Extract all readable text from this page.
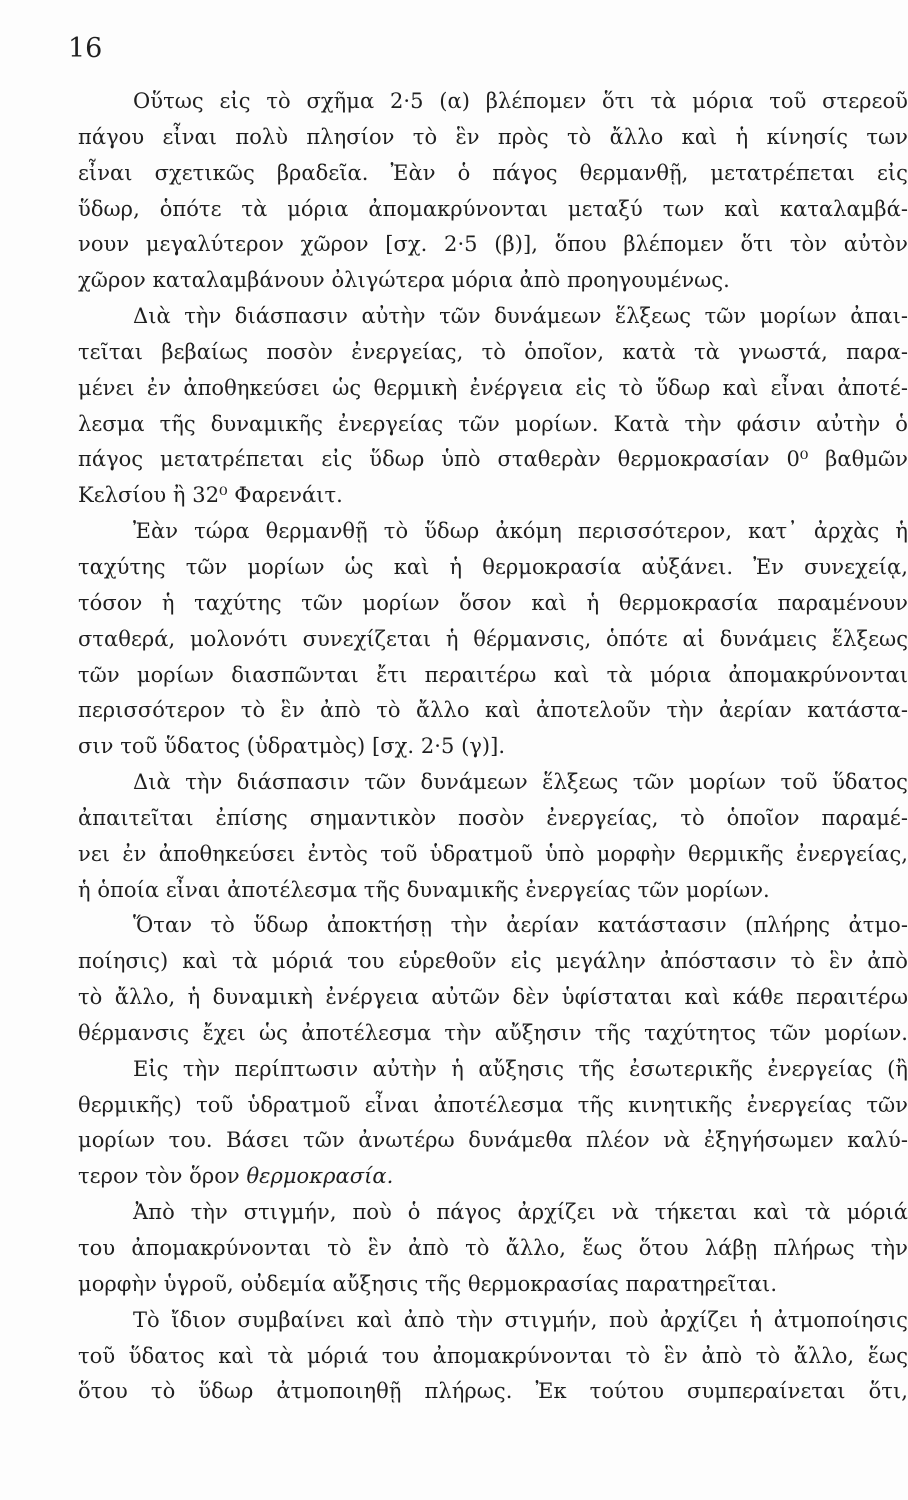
16
Οὕτως εἰς τὸ σχῆμα 2·5 (α) βλέπομεν ὅτι τὰ μόρια τοῦ στερεοῦ
πάγου εἶναι πολὺ πλησίον τὸ ἓν πρὸς τὸ ἄλλο καὶ ἡ κίνησίς των
εἶναι σχετικῶς βραδεῖα. Ἐὰν ὁ πάγος θερμανθῇ, μετατρέπεται εἰς
ὕδωρ, ὁπότε τὰ μόρια ἀπομακρύνονται μεταξύ των καὶ καταλαμβά-
νουν μεγαλύτερον χῶρον [σχ. 2·5 (β)], ὅπου βλέπομεν ὅτι τὸν αὐτὸν
χῶρον καταλαμβάνουν ὀλιγώτερα μόρια ἀπὸ προηγουμένως.
Διὰ τὴν διάσπασιν αὐτὴν τῶν δυνάμεων ἕλξεως τῶν μορίων ἀπαι-
τεῖται βεβαίως ποσὸν ἐνεργείας, τὸ ὁποῖον, κατὰ τὰ γνωστά, παρα-
μένει ἐν ἀποθηκεύσει ὡς θερμικὴ ἐνέργεια εἰς τὸ ὕδωρ καὶ εἶναι ἀποτέ-
λεσμα τῆς δυναμικῆς ἐνεργείας τῶν μορίων. Κατὰ τὴν φάσιν αὐτὴν ὁ
πάγος μετατρέπεται εἰς ὕδωρ ὑπὸ σταθερὰν θερμοκρασίαν 0⁰ βαθμῶν
Κελσίου ἢ 32⁰ Φαρενάιτ.
Ἐὰν τώρα θερμανθῇ τὸ ὕδωρ ἀκόμη περισσότερον, κατ᾽ ἀρχὰς ἡ
ταχύτης τῶν μορίων ὡς καὶ ἡ θερμοκρασία αὐξάνει. Ἐν συνεχείᾳ,
τόσον ἡ ταχύτης τῶν μορίων ὅσον καὶ ἡ θερμοκρασία παραμένουν
σταθερά, μολονότι συνεχίζεται ἡ θέρμανσις, ὁπότε αἱ δυνάμεις ἕλξεως
τῶν μορίων διασπῶνται ἔτι περαιτέρω καὶ τὰ μόρια ἀπομακρύνονται
περισσότερον τὸ ἓν ἀπὸ τὸ ἄλλο καὶ ἀποτελοῦν τὴν ἀερίαν κατάστα-
σιν τοῦ ὕδατος (ὑδρατμὸς) [σχ. 2·5 (γ)].
Διὰ τὴν διάσπασιν τῶν δυνάμεων ἕλξεως τῶν μορίων τοῦ ὕδατος
ἀπαιτεῖται ἐπίσης σημαντικὸν ποσὸν ἐνεργείας, τὸ ὁποῖον παραμέ-
νει ἐν ἀποθηκεύσει ἐντὸς τοῦ ὑδρατμοῦ ὑπὸ μορφὴν θερμικῆς ἐνεργείας,
ἡ ὁποία εἶναι ἀποτέλεσμα τῆς δυναμικῆς ἐνεργείας τῶν μορίων.
Ὅταν τὸ ὕδωρ ἀποκτήσῃ τὴν ἀερίαν κατάστασιν (πλήρης ἀτμο-
ποίησις) καὶ τὰ μόριά του εὑρεθοῦν εἰς μεγάλην ἀπόστασιν τὸ ἓν ἀπὸ
τὸ ἄλλο, ἡ δυναμικὴ ἐνέργεια αὐτῶν δὲν ὑφίσταται καὶ κάθε περαιτέρω
θέρμανσις ἔχει ὡς ἀποτέλεσμα τὴν αὔξησιν τῆς ταχύτητος τῶν μορίων.
Εἰς τὴν περίπτωσιν αὐτὴν ἡ αὔξησις τῆς ἐσωτερικῆς ἐνεργείας (ἢ
θερμικῆς) τοῦ ὑδρατμοῦ εἶναι ἀποτέλεσμα τῆς κινητικῆς ἐνεργείας τῶν
μορίων του. Βάσει τῶν ἀνωτέρω δυνάμεθα πλέον νὰ ἐξηγήσωμεν καλύ-
τερον τὸν ὅρον θερμοκρασία.
Ἀπὸ τὴν στιγμήν, ποὺ ὁ πάγος ἀρχίζει νὰ τήκεται καὶ τὰ μόριά
του ἀπομακρύνονται τὸ ἓν ἀπὸ τὸ ἄλλο, ἕως ὅτου λάβῃ πλήρως τὴν
μορφὴν ὑγροῦ, οὐδεμία αὔξησις τῆς θερμοκρασίας παρατηρεῖται.
Τὸ ἴδιον συμβαίνει καὶ ἀπὸ τὴν στιγμήν, ποὺ ἀρχίζει ἡ ἀτμοποίησις
τοῦ ὕδατος καὶ τὰ μόριά του ἀπομακρύνονται τὸ ἓν ἀπὸ τὸ ἄλλο, ἕως
ὅτου τὸ ὕδωρ ἀτμοποιηθῇ πλήρως. Ἐκ τούτου συμπεραίνεται ὅτι,
